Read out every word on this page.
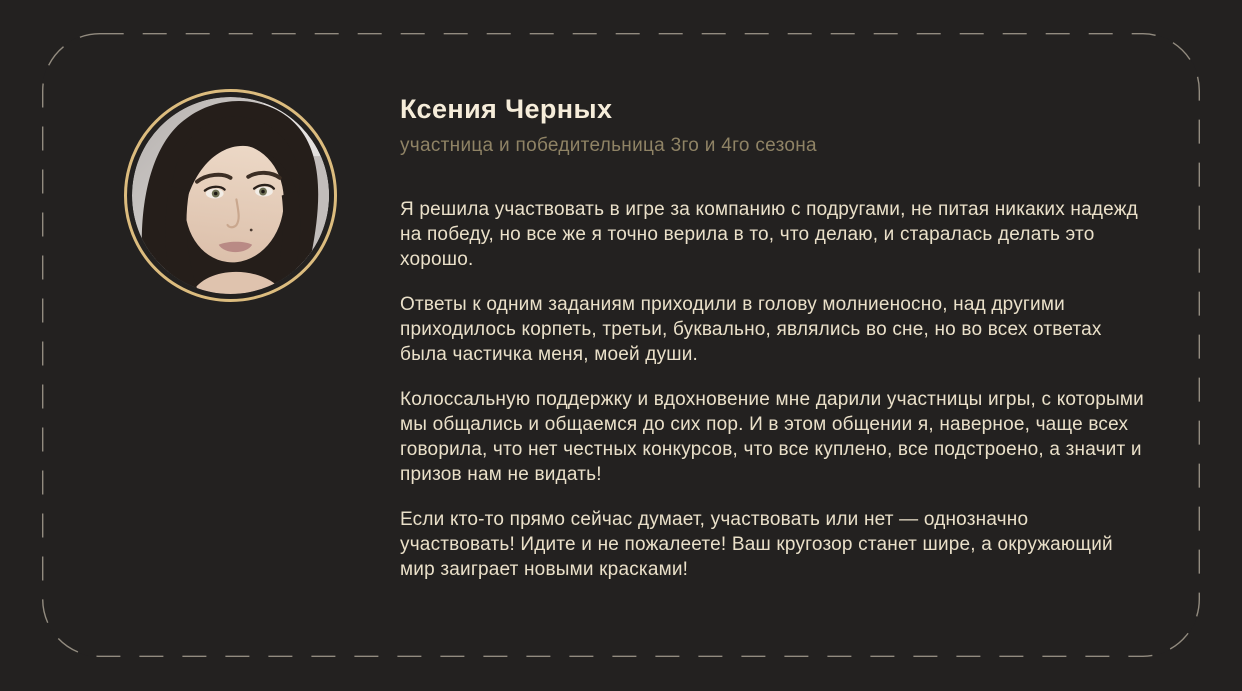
Ксения Черных
участница и победительница 3го и 4го сезона

Я решила участвовать в игре за компанию с подругами, не питая никаких надежд на победу, но все же я точно верила в то, что делаю, и старалась делать это хорошо.

Ответы к одним заданиям приходили в голову молниеносно, над другими приходилось корпеть, третьи, буквально, являлись во сне, но во всех ответах была частичка меня, моей души.

Колоссальную поддержку и вдохновение мне дарили участницы игры, с которыми мы общались и общаемся до сих пор. И в этом общении я, наверное, чаще всех говорила, что нет честных конкурсов, что все куплено, все подстроено, а значит и призов нам не видать!

Если кто-то прямо сейчас думает, участвовать или нет — однозначно участвовать! Идите и не пожалеете! Ваш кругозор станет шире, а окружающий мир заиграет новыми красками!
